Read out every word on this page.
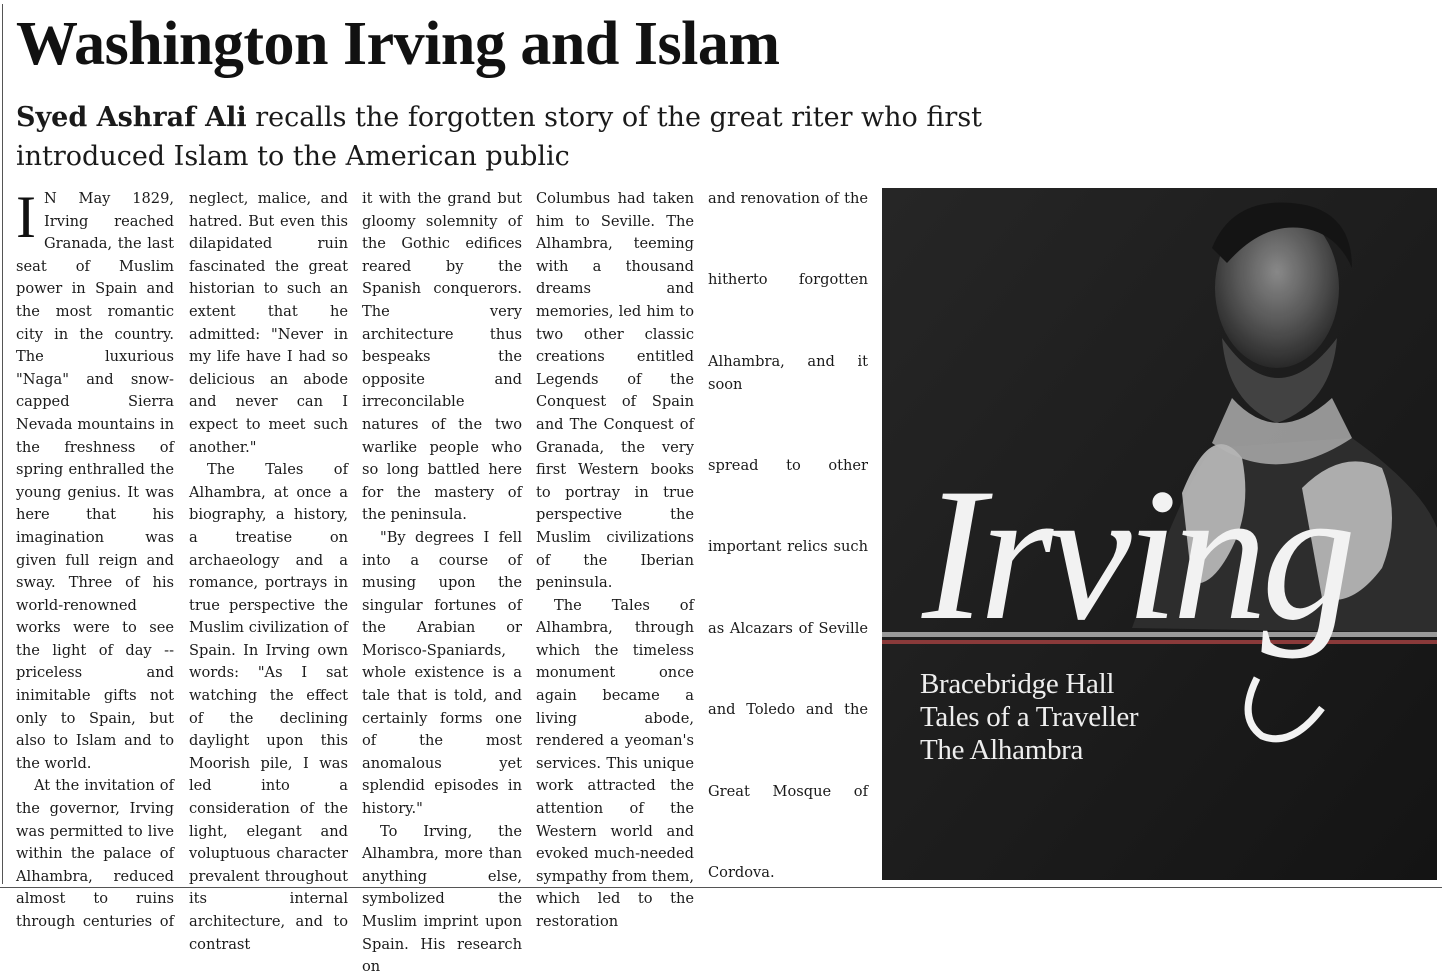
Washington Irving and Islam

Syed Ashraf Ali recalls the forgotten story of the great riter who first introduced Islam to the American public

I N May 1829, Irving reached Granada, the last seat of Muslim power in Spain and the most romantic city in the country. The luxurious "Naga" and snow-capped Sierra Nevada mountains in the freshness of spring enthralled the young genius. It was here that his imagination was given full reign and sway. Three of his world-renowned works were to see the light of day -- priceless and inimitable gifts not only to Spain, but also to Islam and to the world.

At the invitation of the governor, Irving was permitted to live within the palace of Alhambra, reduced almost to ruins through centuries of

neglect, malice, and hatred. But even this dilapidated ruin fascinated the great historian to such an extent that he admitted: "Never in my life have I had so delicious an abode and never can I expect to meet such another."

The Tales of Alhambra, at once a biography, a history, a treatise on archaeology and a romance, portrays in true perspective the Muslim civilization of Spain. In Irving own words: "As I sat watching the effect of the declining daylight upon this Moorish pile, I was led into a consideration of the light, elegant and voluptuous character prevalent throughout its internal architecture, and to contrast

it with the grand but gloomy solemnity of the Gothic edifices reared by the Spanish conquerors. The very architecture thus bespeaks the opposite and irreconcilable natures of the two warlike people who so long battled here for the mastery of the peninsula.

"By degrees I fell into a course of musing upon the singular fortunes of the Arabian or Morisco-Spaniards, whole existence is a tale that is told, and certainly forms one of the most anomalous yet splendid episodes in history."

To Irving, the Alhambra, more than anything else, symbolized the Muslim imprint upon Spain. His research on

Columbus had taken him to Seville. The Alhambra, teeming with a thousand dreams and memories, led him to two other classic creations entitled Legends of the Conquest of Spain and The Conquest of Granada, the very first Western books to portray in true perspective the Muslim civilizations of the Iberian peninsula.

The Tales of Alhambra, through which the timeless monument once again became a living abode, rendered a yeoman's services. This unique work attracted the attention of the Western world and evoked much-needed sympathy from them, which led to the restoration

and renovation of the
hitherto forgotten
Alhambra, and it soon
spread to other
important relics such
as Alcazars of Seville
and Toledo and the
Great Mosque of
Cordova.
Irving
Bracebridge Hall
Tales of a Traveller
The Alhambra
